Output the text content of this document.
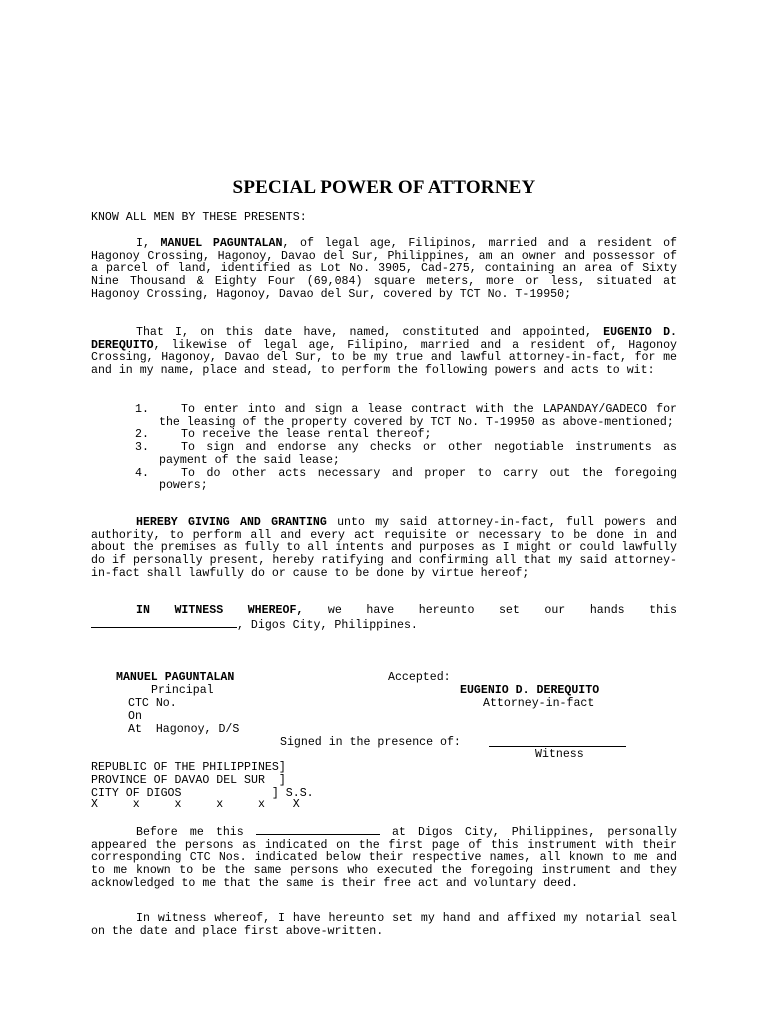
SPECIAL POWER OF ATTORNEY
KNOW ALL MEN BY THESE PRESENTS:
I, MANUEL PAGUNTALAN, of legal age, Filipinos, married and a resident of Hagonoy Crossing, Hagonoy, Davao del Sur, Philippines, am an owner and possessor of a parcel of land, identified as Lot No. 3905, Cad-275, containing an area of Sixty Nine Thousand & Eighty Four (69,084) square meters, more or less, situated at Hagonoy Crossing, Hagonoy, Davao del Sur, covered by TCT No. T-19950;
That I, on this date have, named, constituted and appointed, EUGENIO D. DEREQUITO, likewise of legal age, Filipino, married and a resident of, Hagonoy Crossing, Hagonoy, Davao del Sur, to be my true and lawful attorney-in-fact, for me and in my name, place and stead, to perform the following powers and acts to wit:
1.	To enter into and sign a lease contract with the LAPANDAY/GADECO for the leasing of the property covered by TCT No. T-19950 as above-mentioned;
2.	To receive the lease rental thereof;
3.	To sign and endorse any checks or other negotiable instruments as payment of the said lease;
4.	To do other acts necessary and proper to carry out the foregoing powers;
HEREBY GIVING AND GRANTING unto my said attorney-in-fact, full powers and authority, to perform all and every act requisite or necessary to be done in and about the premises as fully to all intents and purposes as I might or could lawfully do if personally present, hereby ratifying and confirming all that my said attorney-in-fact shall lawfully do or cause to be done by virtue hereof;
IN WITNESS WHEREOF, we have hereunto set our hands this
, Digos City, Philippines.
MANUEL PAGUNTALAN
Principal
CTC No.
On
At  Hagonoy, D/S
Accepted:
EUGENIO D. DEREQUITO
Attorney-in-fact
Signed in the presence of:
Witness
REPUBLIC OF THE PHILIPPINES]
PROVINCE OF DAVAO DEL SUR  ]
CITY OF DIGOS             ] S.S.
X     x     x     x     x    X
Before me this	at Digos City, Philippines, personally appeared the persons as indicated on the first page of this instrument with their corresponding CTC Nos. indicated below their respective names, all known to me and to me known to be the same persons who executed the foregoing instrument and they acknowledged to me that the same is their free act and voluntary deed.
In witness whereof, I have hereunto set my hand and affixed my notarial seal on the date and place first above-written.
